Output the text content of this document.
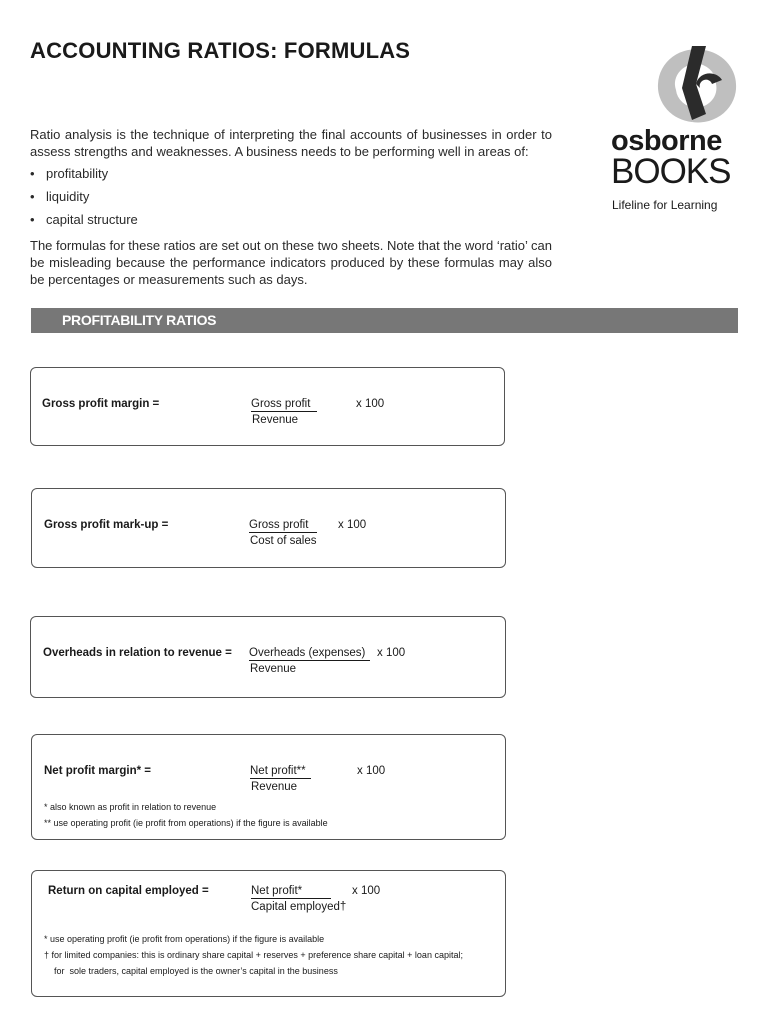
ACCOUNTING RATIOS: FORMULAS

Ratio analysis is the technique of interpreting the final accounts of businesses in order to assess strengths and weaknesses. A business needs to be performing well in areas of:

• profitability
• liquidity
• capital structure

The formulas for these ratios are set out on these two sheets. Note that the word ‘ratio’ can be misleading because the performance indicators produced by these formulas may also be percentages or measurements such as days.

osborne
BOOKS
Lifeline for Learning
PROFITABILITY RATIOS
Gross profit margin =	Gross profit
Revenue
x 100
Gross profit mark-up =	Gross profit
Cost of sales
x 100
Overheads in relation to revenue = Overheads (expenses)
Revenue
x 100
Net profit margin* =	Net profit**
Revenue
x 100
* also known as profit in relation to revenue
** use operating profit (ie profit from operations) if the figure is available
Return on capital employed =	Net profit*
Capital employed†
x 100
* use operating profit (ie profit from operations) if the figure is available
† for limited companies: this is ordinary share capital + reserves + preference share capital + loan capital;
for  sole traders, capital employed is the owner’s capital in the business
